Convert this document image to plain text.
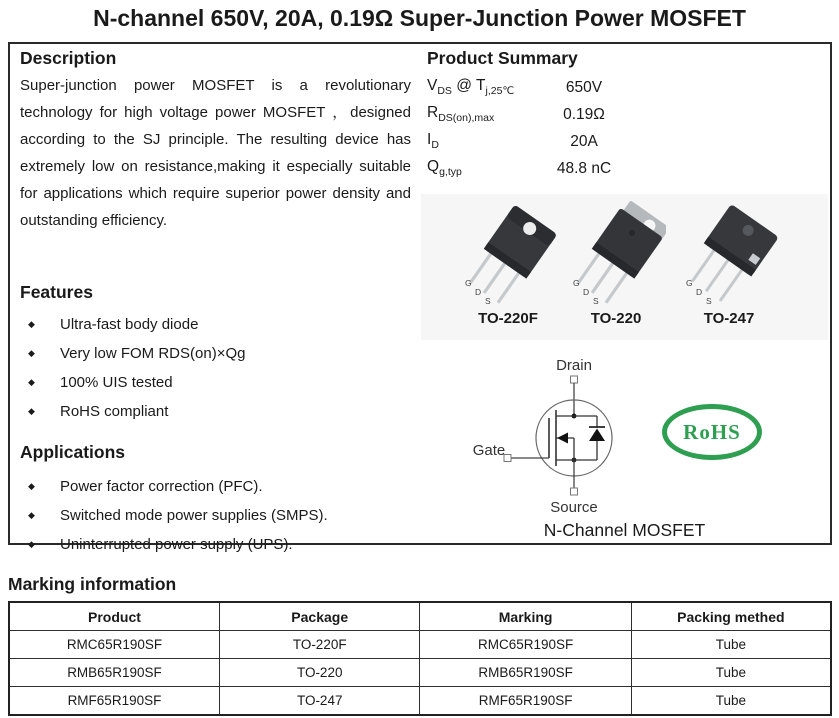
N-channel 650V, 20A, 0.19Ω Super-Junction Power MOSFET
Description
Super-junction power MOSFET is a revolutionary technology for high voltage power MOSFET ，designed according to the SJ principle. The resulting device has extremely low on resistance,making it especially suitable for applications which require superior power density and outstanding efficiency.
Features
◆	Ultra-fast body diode
◆	Very low FOM RDS(on)×Qg
◆	100% UIS tested
◆	RoHS compliant
Applications
◆	Power factor correction (PFC).
◆	Switched mode power supplies (SMPS).
◆	Uninterrupted power supply (UPS).
Product Summary
$V_{DS}$ @ $T_{j,25℃}$	650V
$R_{DS(on),max}$	0.19Ω
$I_D$	20A
$Q_{g,typ}$	48.8 nC
G
D
S
TO-220F
G
D
S
TO-220
G
D
S
TO-247
Drain
Gate
Source
RoHS
N-Channel MOSFET
Marking information
Product	Package	Marking	Packing methed
RMC65R190SF	TO-220F	RMC65R190SF	Tube
RMB65R190SF	TO-220	RMB65R190SF	Tube
RMF65R190SF	TO-247	RMF65R190SF	Tube
